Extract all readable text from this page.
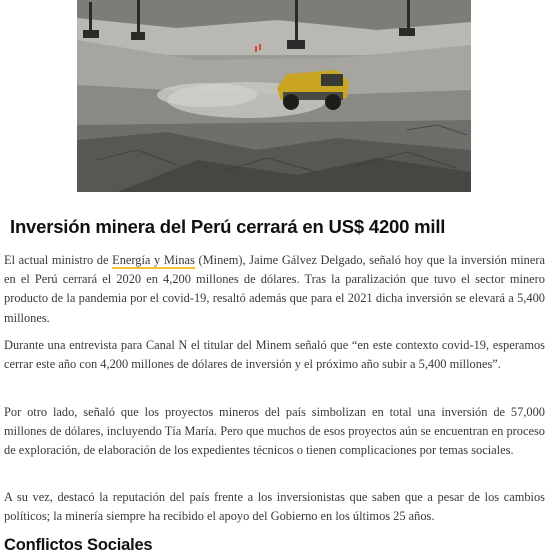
Inversión minera del Perú cerrará en US$ 4200 mill

El actual ministro de Energía y Minas (Minem), Jaime Gálvez Delgado, señaló hoy que la inversión minera en el Perú cerrará el 2020 en 4,200 millones de dólares. Tras la paralización que tuvo el sector minero producto de la pandemia por el covid-19, resaltó además que para el 2021 dicha inversión se elevará a 5,400 millones.

Durante una entrevista para Canal N el titular del Minem señaló que “en este contexto covid-19, esperamos cerrar este año con 4,200 millones de dólares de inversión y el próximo año subir a 5,400 millones”.

Por otro lado, señaló que los proyectos mineros del país simbolizan en total una inversión de 57,000 millones de dólares, incluyendo Tía María. Pero que muchos de esos proyectos aún se encuentran en proceso de exploración, de elaboración de los expedientes técnicos o tienen complicaciones por temas sociales.

A su vez, destacó la reputación del país frente a los inversionistas que saben que a pesar de los cambios políticos; la minería siempre ha recibido el apoyo del Gobierno en los últimos 25 años.

Conflictos Sociales
